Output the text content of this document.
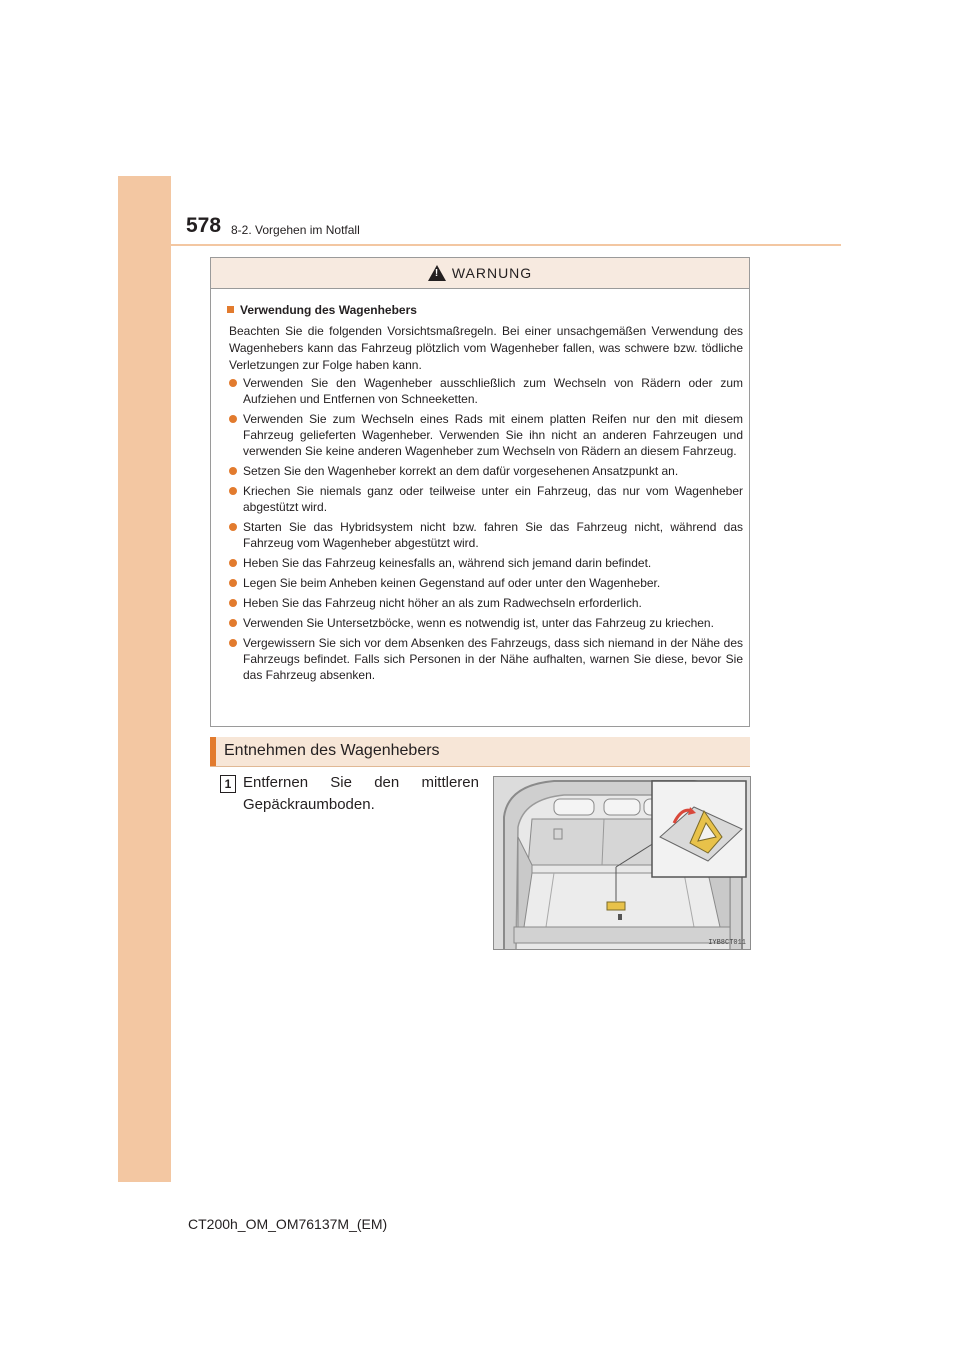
578 8-2. Vorgehen im Notfall
! WARNUNG
Verwendung des Wagenhebers
Beachten Sie die folgenden Vorsichtsmaßregeln. Bei einer unsachgemäßen Verwendung des Wagenhebers kann das Fahrzeug plötzlich vom Wagenheber fallen, was schwere bzw. tödliche Verletzungen zur Folge haben kann.
Verwenden Sie den Wagenheber ausschließlich zum Wechseln von Rädern oder zum Aufziehen und Entfernen von Schneeketten.
Verwenden Sie zum Wechseln eines Rads mit einem platten Reifen nur den mit diesem Fahrzeug gelieferten Wagenheber. Verwenden Sie ihn nicht an anderen Fahrzeugen und verwenden Sie keine anderen Wagenheber zum Wechseln von Rädern an diesem Fahrzeug.
Setzen Sie den Wagenheber korrekt an dem dafür vorgesehenen Ansatzpunkt an.
Kriechen Sie niemals ganz oder teilweise unter ein Fahrzeug, das nur vom Wagenheber abgestützt wird.
Starten Sie das Hybridsystem nicht bzw. fahren Sie das Fahrzeug nicht, während das Fahrzeug vom Wagenheber abgestützt wird.
Heben Sie das Fahrzeug keinesfalls an, während sich jemand darin befindet.
Legen Sie beim Anheben keinen Gegenstand auf oder unter den Wagenheber.
Heben Sie das Fahrzeug nicht höher an als zum Radwechseln erforderlich.
Verwenden Sie Untersetzböcke, wenn es notwendig ist, unter das Fahrzeug zu kriechen.
Vergewissern Sie sich vor dem Absenken des Fahrzeugs, dass sich niemand in der Nähe des Fahrzeugs befindet. Falls sich Personen in der Nähe aufhalten, warnen Sie diese, bevor Sie das Fahrzeug absenken.
Entnehmen des Wagenhebers
1 Entfernen Sie den mittleren Gepäckraumboden.
IYB8CT011
CT200h_OM_OM76137M_(EM)
